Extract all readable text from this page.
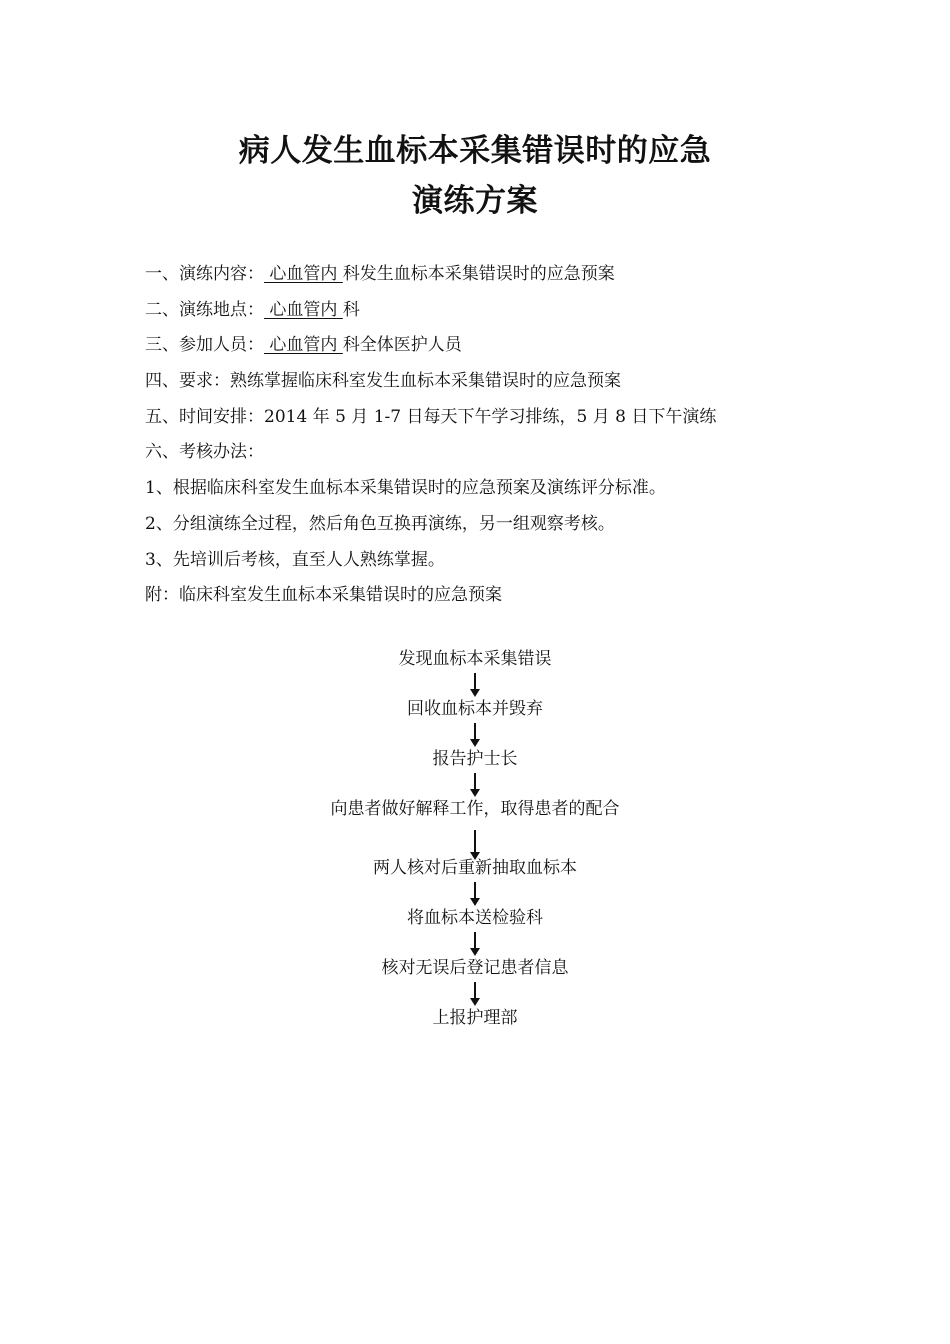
病人发生血标本采集错误时的应急
演练方案
一、演练内容： 心血管内 科发生血标本采集错误时的应急预案
二、演练地点： 心血管内 科
三、参加人员： 心血管内 科全体医护人员
四、要求：熟练掌握临床科室发生血标本采集错误时的应急预案
五、时间安排：2014 年 5 月 1-7 日每天下午学习排练，5 月 8 日下午演练
六、考核办法：
1、根据临床科室发生血标本采集错误时的应急预案及演练评分标准。
2、分组演练全过程，然后角色互换再演练，另一组观察考核。
3、先培训后考核，直至人人熟练掌握。
附：临床科室发生血标本采集错误时的应急预案
发现血标本采集错误
回收血标本并毁弃
报告护士长
向患者做好解释工作，取得患者的配合
两人核对后重新抽取血标本
将血标本送检验科
核对无误后登记患者信息
上报护理部
